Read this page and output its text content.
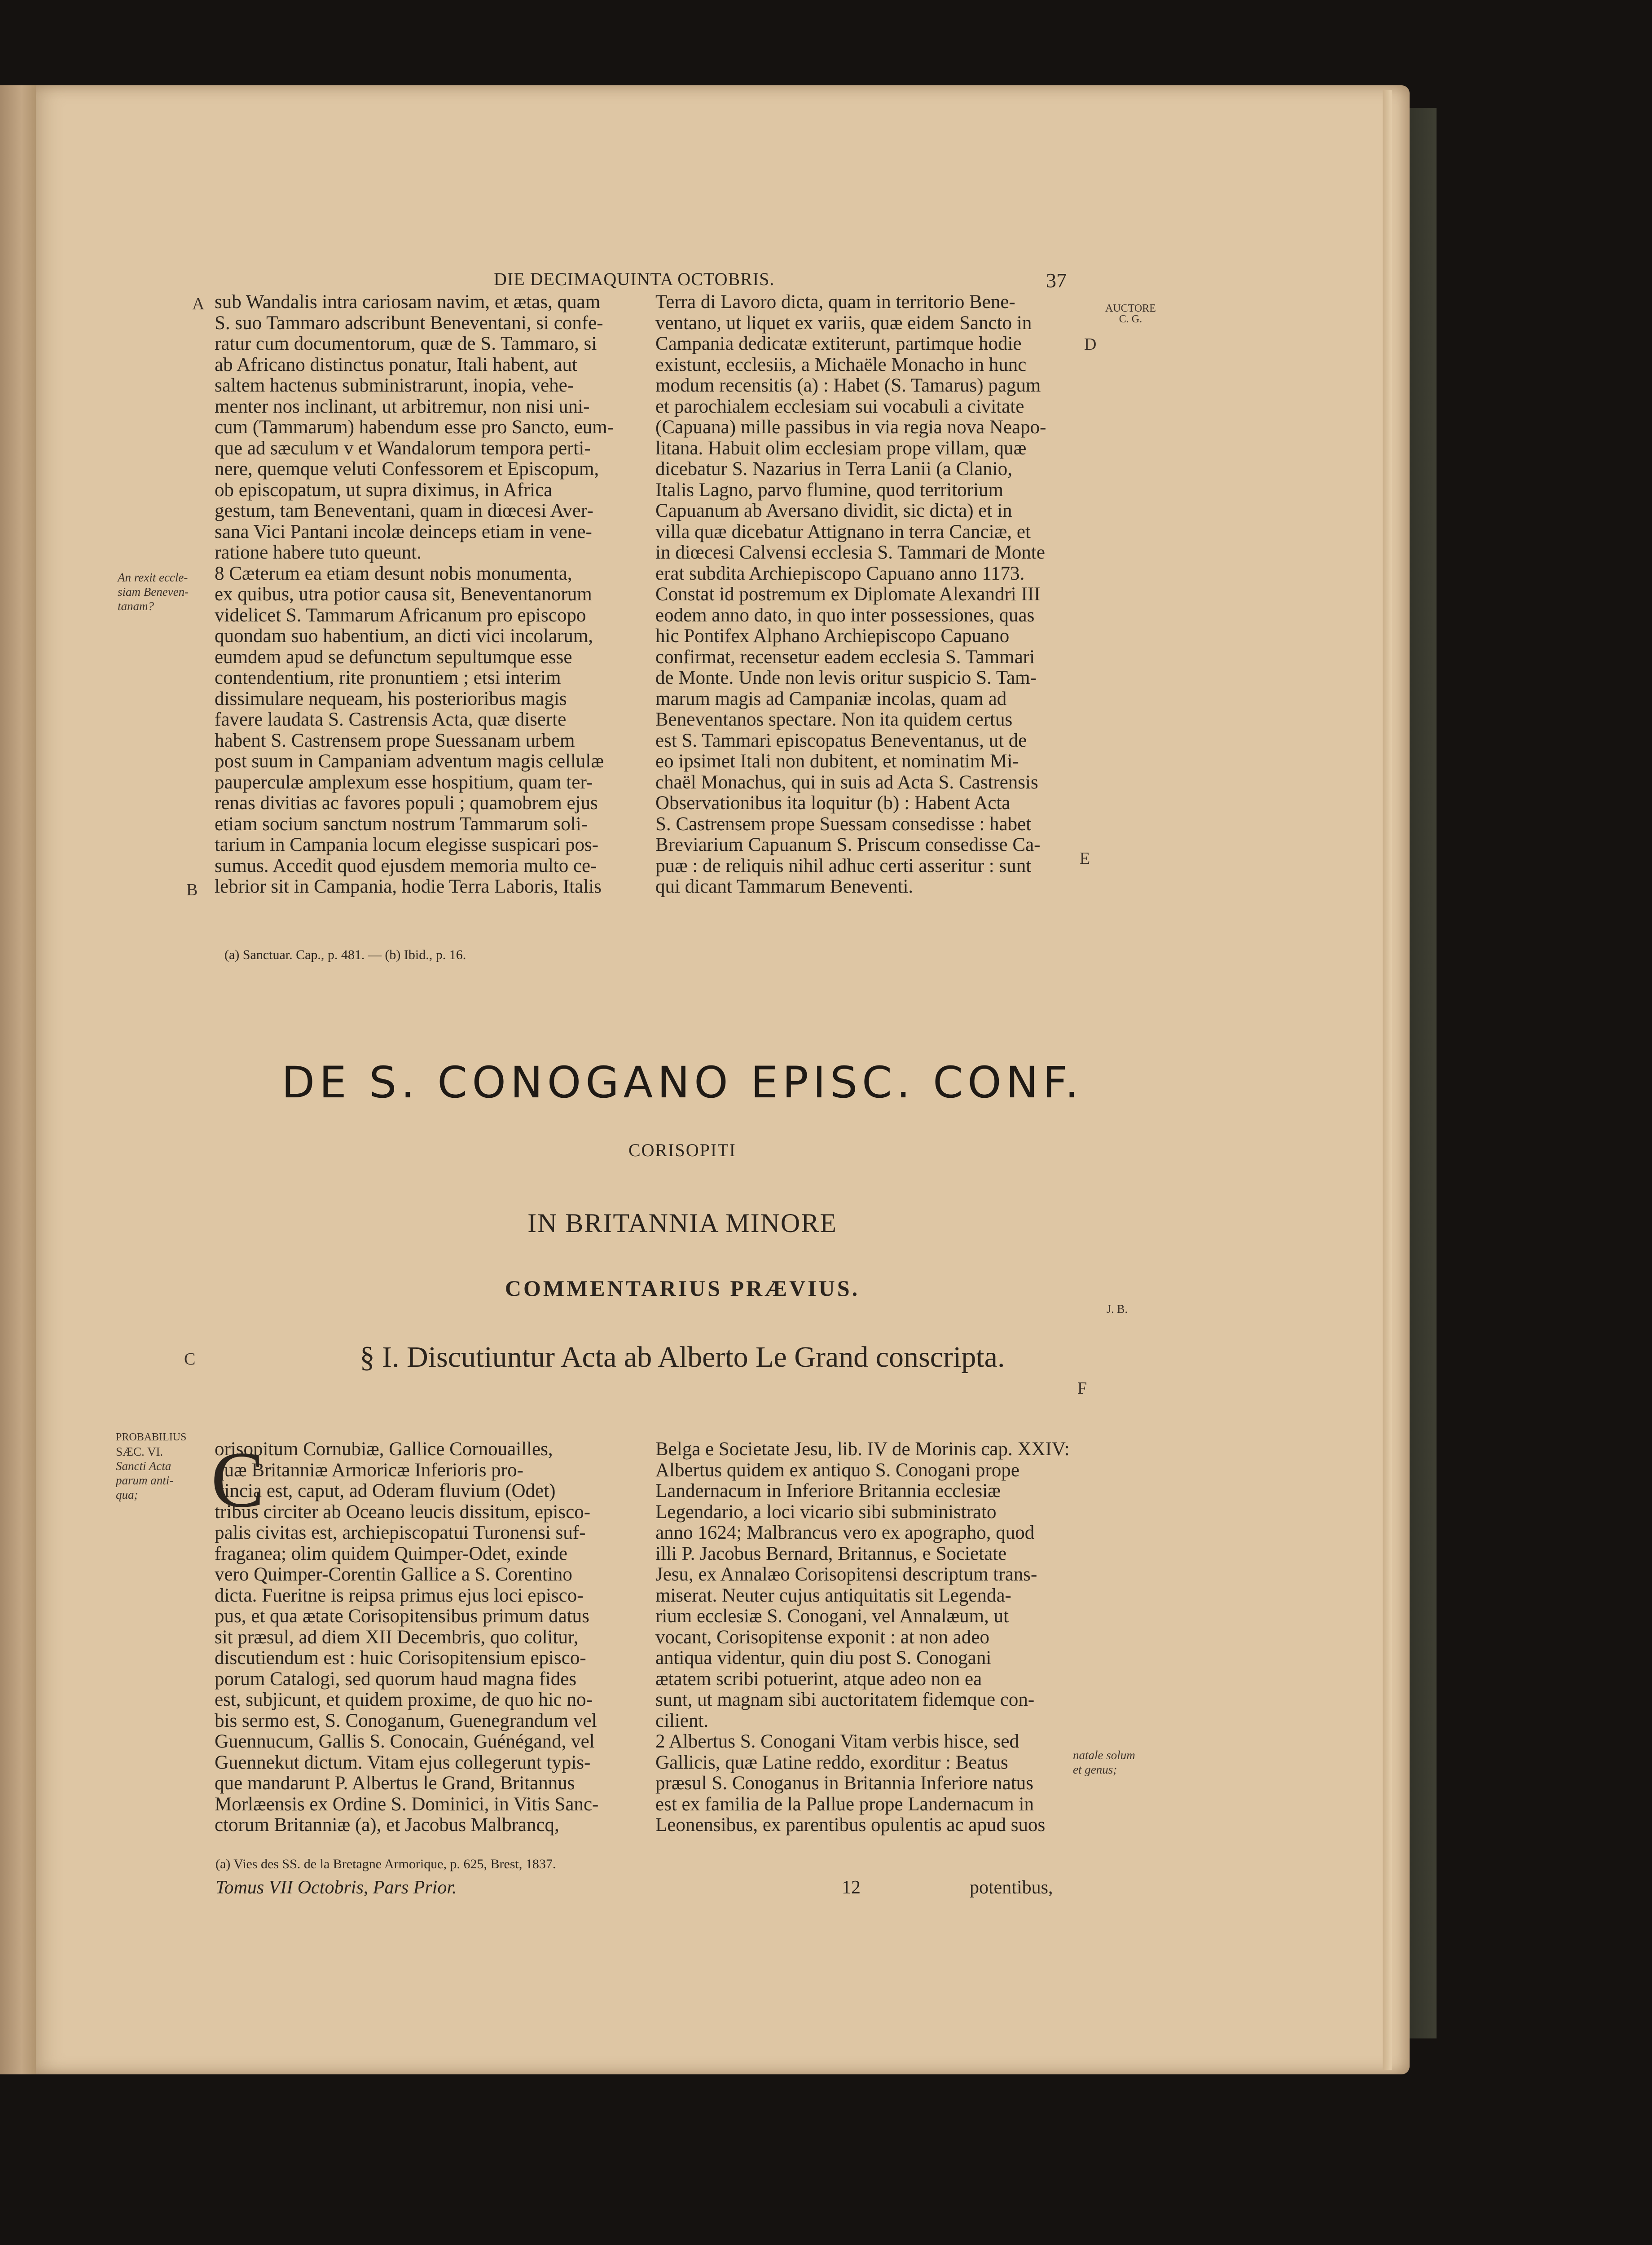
DIE DECIMAQUINTA OCTOBRIS.	37
A
B
C
D
E
F
An rexit eccle-
siam Beneven-
tanam?
AUCTORE
C. G.
J. B.
PROBABILIUS
SÆC. VI.
Sancti Acta
parum anti-
qua;
natale solum
et genus;
sub Wandalis intra cariosam navim, et ætas, quam
S. suo Tammaro adscribunt Beneventani, si confe-
ratur cum documentorum, quæ de S. Tammaro, si
ab Africano distinctus ponatur, Itali habent, aut
saltem hactenus subministrarunt, inopia, vehe-
menter nos inclinant, ut arbitremur, non nisi uni-
cum (Tammarum) habendum esse pro Sancto, eum-
que ad sæculum v et Wandalorum tempora perti-
nere, quemque veluti Confessorem et Episcopum,
ob episcopatum, ut supra diximus, in Africa
gestum, tam Beneventani, quam in diœcesi Aver-
sana Vici Pantani incolæ deinceps etiam in vene-
ratione habere tuto queunt.
8 Cæterum ea etiam desunt nobis monumenta,
ex quibus, utra potior causa sit, Beneventanorum
videlicet S. Tammarum Africanum pro episcopo
quondam suo habentium, an dicti vici incolarum,
eumdem apud se defunctum sepultumque esse
contendentium, rite pronuntiem ; etsi interim
dissimulare nequeam, his posterioribus magis
favere laudata S. Castrensis Acta, quæ diserte
habent S. Castrensem prope Suessanam urbem
post suum in Campaniam adventum magis cellulæ
pauperculæ amplexum esse hospitium, quam ter-
renas divitias ac favores populi ; quamobrem ejus
etiam socium sanctum nostrum Tammarum soli-
tarium in Campania locum elegisse suspicari pos-
sumus. Accedit quod ejusdem memoria multo ce-
lebrior sit in Campania, hodie Terra Laboris, Italis
Terra di Lavoro dicta, quam in territorio Bene-
ventano, ut liquet ex variis, quæ eidem Sancto in
Campania dedicatæ extiterunt, partimque hodie
existunt, ecclesiis, a Michaële Monacho in hunc
modum recensitis (a) : Habet (S. Tamarus) pagum
et parochialem ecclesiam sui vocabuli a civitate
(Capuana) mille passibus in via regia nova Neapo-
litana. Habuit olim ecclesiam prope villam, quæ
dicebatur S. Nazarius in Terra Lanii (a Clanio,
Italis Lagno, parvo flumine, quod territorium
Capuanum ab Aversano dividit, sic dicta) et in
villa quæ dicebatur Attignano in terra Canciæ, et
in diœcesi Calvensi ecclesia S. Tammari de Monte
erat subdita Archiepiscopo Capuano anno 1173.
Constat id postremum ex Diplomate Alexandri III
eodem anno dato, in quo inter possessiones, quas
hic Pontifex Alphano Archiepiscopo Capuano
confirmat, recensetur eadem ecclesia S. Tammari
de Monte. Unde non levis oritur suspicio S. Tam-
marum magis ad Campaniæ incolas, quam ad
Beneventanos spectare. Non ita quidem certus
est S. Tammari episcopatus Beneventanus, ut de
eo ipsimet Itali non dubitent, et nominatim Mi-
chaël Monachus, qui in suis ad Acta S. Castrensis
Observationibus ita loquitur (b) : Habent Acta
S. Castrensem prope Suessam consedisse : habet
Breviarium Capuanum S. Priscum consedisse Ca-
puæ : de reliquis nihil adhuc certi asseritur : sunt
qui dicant Tammarum Beneventi.
(a) Sanctuar. Cap., p. 481. — (b) Ibid., p. 16.
DE S. CONOGANO EPISC. CONF.
CORISOPITI
IN BRITANNIA MINORE
COMMENTARIUS PRÆVIUS.
§ I. Discutiuntur Acta ab Alberto Le Grand conscripta.
C
orisopitum Cornubiæ, Gallice Cornouailles,
quæ Britanniæ Armoricæ Inferioris pro-
vincia est, caput, ad Oderam fluvium (Odet)
tribus circiter ab Oceano leucis dissitum, episco-
palis civitas est, archiepiscopatui Turonensi suf-
fraganea; olim quidem Quimper-Odet, exinde
vero Quimper-Corentin Gallice a S. Corentino
dicta. Fueritne is reipsa primus ejus loci episco-
pus, et qua ætate Corisopitensibus primum datus
sit præsul, ad diem XII Decembris, quo colitur,
discutiendum est : huic Corisopitensium episco-
porum Catalogi, sed quorum haud magna fides
est, subjicunt, et quidem proxime, de quo hic no-
bis sermo est, S. Conoganum, Guenegrandum vel
Guennucum, Gallis S. Conocain, Guénégand, vel
Guennekut dictum. Vitam ejus collegerunt typis-
que mandarunt P. Albertus le Grand, Britannus
Morlæensis ex Ordine S. Dominici, in Vitis Sanc-
ctorum Britanniæ (a), et Jacobus Malbrancq,
Belga e Societate Jesu, lib. IV de Morinis cap. XXIV:
Albertus quidem ex antiquo S. Conogani prope
Landernacum in Inferiore Britannia ecclesiæ
Legendario, a loci vicario sibi subministrato
anno 1624; Malbrancus vero ex apographo, quod
illi P. Jacobus Bernard, Britannus, e Societate
Jesu, ex Annalæo Corisopitensi descriptum trans-
miserat. Neuter cujus antiquitatis sit Legenda-
rium ecclesiæ S. Conogani, vel Annalæum, ut
vocant, Corisopitense exponit : at non adeo
antiqua videntur, quin diu post S. Conogani
ætatem scribi potuerint, atque adeo non ea
sunt, ut magnam sibi auctoritatem fidemque con-
cilient.
2 Albertus S. Conogani Vitam verbis hisce, sed
Gallicis, quæ Latine reddo, exorditur : Beatus
præsul S. Conoganus in Britannia Inferiore natus
est ex familia de la Pallue prope Landernacum in
Leonensibus, ex parentibus opulentis ac apud suos
(a) Vies des SS. de la Bretagne Armorique, p. 625, Brest, 1837.
Tomus VII Octobris, Pars Prior.	12	potentibus,
